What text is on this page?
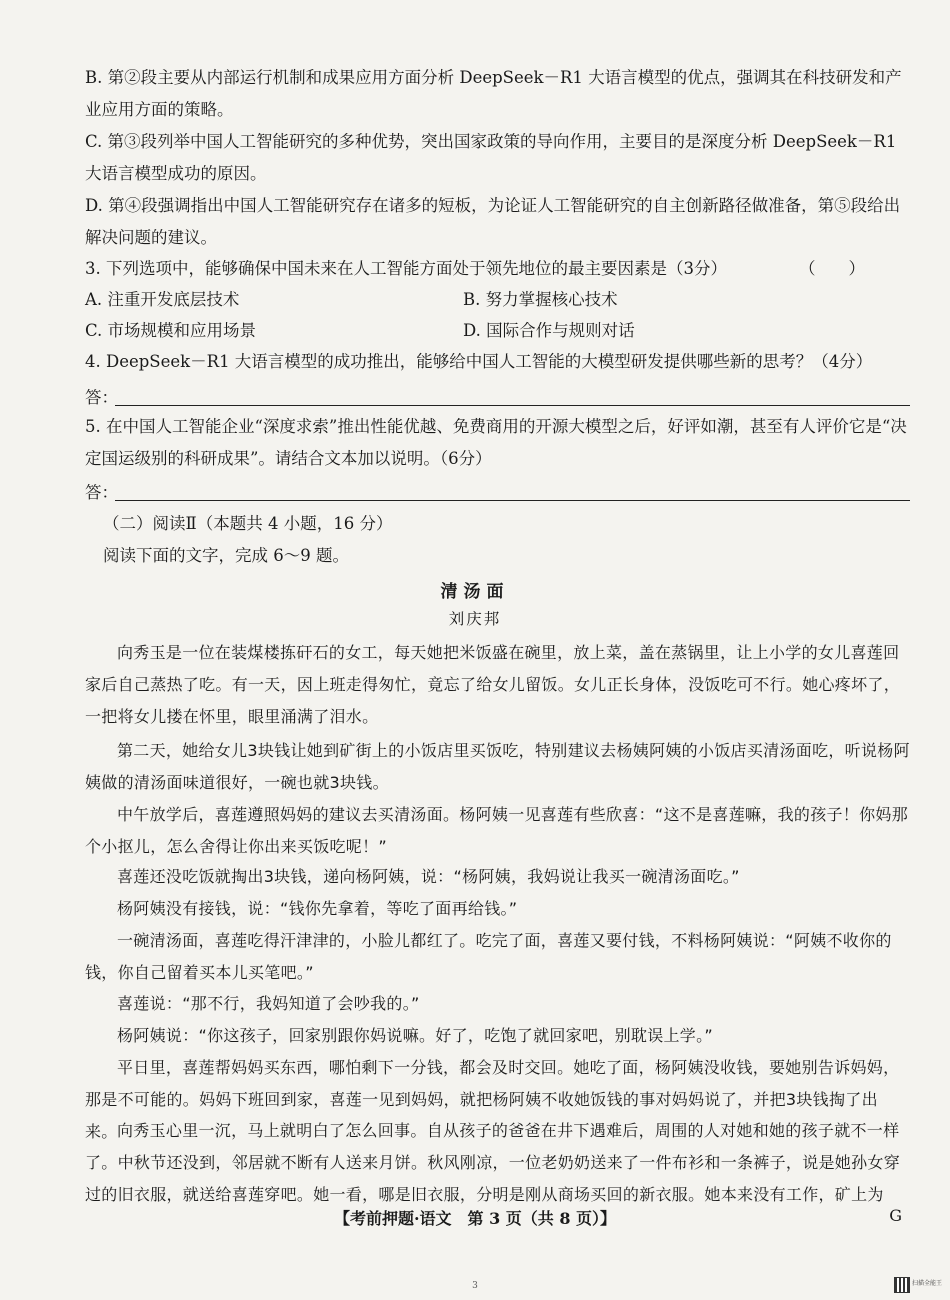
B. 第②段主要从内部运行机制和成果应用方面分析 DeepSeek－R1 大语言模型的优点，强调其在科技研发和产业应用方面的策略。
C. 第③段列举中国人工智能研究的多种优势，突出国家政策的导向作用，主要目的是深度分析 DeepSeek－R1 大语言模型成功的原因。
D. 第④段强调指出中国人工智能研究存在诸多的短板，为论证人工智能研究的自主创新路径做准备，第⑤段给出解决问题的建议。
3. 下列选项中，能够确保中国未来在人工智能方面处于领先地位的最主要因素是（3分）	（　　）
A. 注重开发底层技术	B. 努力掌握核心技术
C. 市场规模和应用场景	D. 国际合作与规则对话
4. DeepSeek－R1 大语言模型的成功推出，能够给中国人工智能的大模型研发提供哪些新的思考？（4分）
答：
5. 在中国人工智能企业“深度求索”推出性能优越、免费商用的开源大模型之后，好评如潮，甚至有人评价它是“决定国运级别的科研成果”。请结合文本加以说明。（6分）
答：
（二）阅读Ⅱ（本题共 4 小题，16 分）
阅读下面的文字，完成 6～9 题。
清汤面
刘庆邦
向秀玉是一位在装煤楼拣矸石的女工，每天她把米饭盛在碗里，放上菜，盖在蒸锅里，让上小学的女儿喜莲回家后自己蒸热了吃。有一天，因上班走得匆忙，竟忘了给女儿留饭。女儿正长身体，没饭吃可不行。她心疼坏了，一把将女儿搂在怀里，眼里涌满了泪水。
第二天，她给女儿3块钱让她到矿街上的小饭店里买饭吃，特别建议去杨姨阿姨的小饭店买清汤面吃，听说杨阿姨做的清汤面味道很好，一碗也就3块钱。
中午放学后，喜莲遵照妈妈的建议去买清汤面。杨阿姨一见喜莲有些欣喜：“这不是喜莲嘛，我的孩子！你妈那个小抠儿，怎么舍得让你出来买饭吃呢！”
喜莲还没吃饭就掏出3块钱，递向杨阿姨，说：“杨阿姨，我妈说让我买一碗清汤面吃。”
杨阿姨没有接钱，说：“钱你先拿着，等吃了面再给钱。”
一碗清汤面，喜莲吃得汗津津的，小脸儿都红了。吃完了面，喜莲又要付钱，不料杨阿姨说：“阿姨不收你的钱，你自己留着买本儿买笔吧。”
喜莲说：“那不行，我妈知道了会吵我的。”
杨阿姨说：“你这孩子，回家别跟你妈说嘛。好了，吃饱了就回家吧，别耽误上学。”
平日里，喜莲帮妈妈买东西，哪怕剩下一分钱，都会及时交回。她吃了面，杨阿姨没收钱，要她别告诉妈妈，那是不可能的。妈妈下班回到家，喜莲一见到妈妈，就把杨阿姨不收她饭钱的事对妈妈说了，并把3块钱掏了出来。 向秀玉心里一沉，马上就明白了怎么回事。自从孩子的爸爸在井下遇难后，周围的人对她和她的孩子就不一样了。中秋节还没到，邻居就不断有人送来月饼。秋风刚凉，一位老奶奶送来了一件布衫和一条裤子，说是她孙女穿过的旧衣服，就送给喜莲穿吧。她一看，哪是旧衣服，分明是刚从商场买回的新衣服。她本来没有工作，矿上为
【考前押题·语文　第 3 页（共 8 页）】	G
3	扫描全能王
